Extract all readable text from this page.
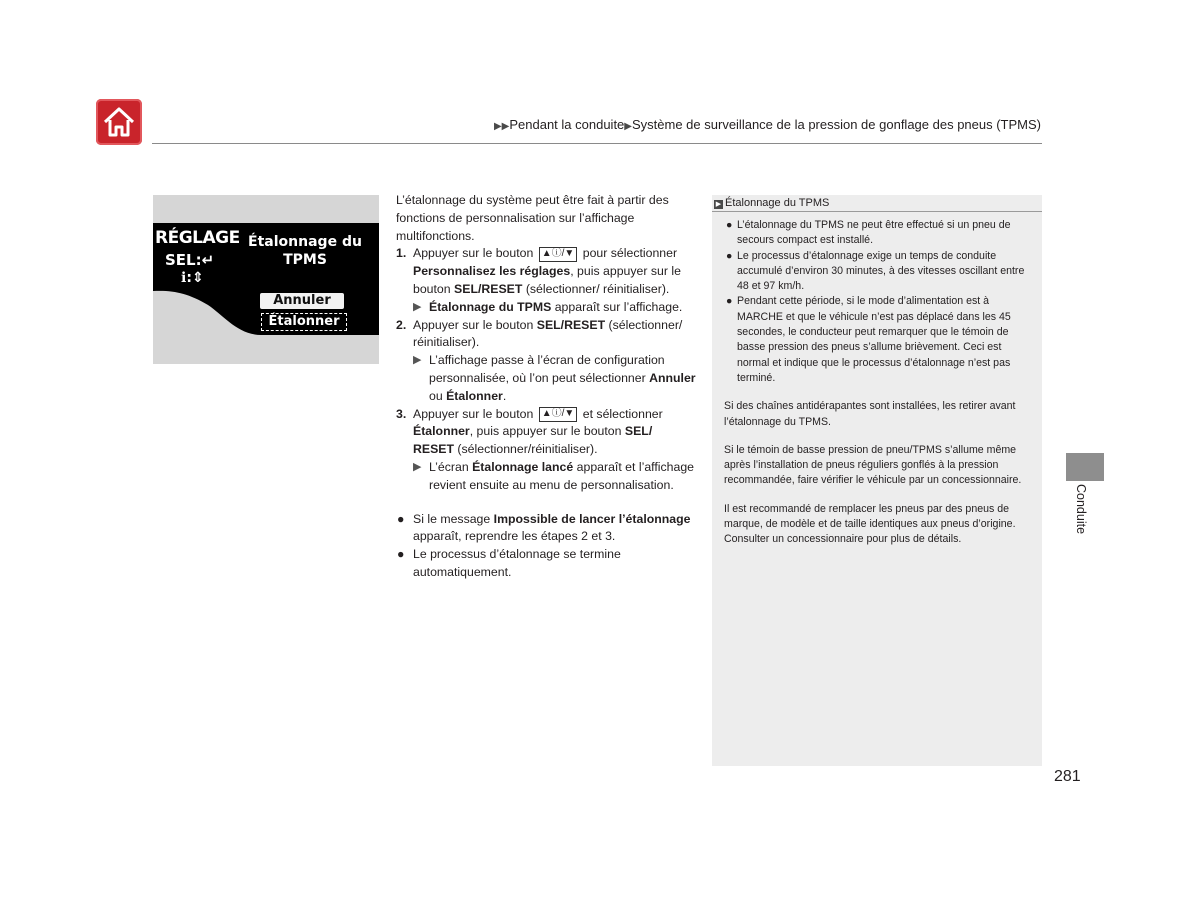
▶▶Pendant la conduite▶Système de surveillance de la pression de gonflage des pneus (TPMS)
RÉGLAGE
SEL:↵
ℹ:⇕
Étalonnage du
TPMS
Annuler
Étalonner

L’étalonnage du système peut être fait à partir des fonctions de personnalisation sur l’affichage multifonctions.

1. Appuyer sur le bouton ▲ⓘ/▼ pour sélectionner Personnalisez les réglages, puis appuyer sur le bouton SEL/RESET (sélectionner/ réinitialiser).
▶ Étalonnage du TPMS apparaît sur l’affichage.
2. Appuyer sur le bouton SEL/RESET (sélectionner/ réinitialiser).
▶ L’affichage passe à l’écran de configuration personnalisée, où l’on peut sélectionner Annuler ou Étalonner.
3. Appuyer sur le bouton ▲ⓘ/▼ et sélectionner Étalonner, puis appuyer sur le bouton SEL/ RESET (sélectionner/réinitialiser).
▶ L’écran Étalonnage lancé apparaît et l’affichage revient ensuite au menu de personnalisation.
● Si le message Impossible de lancer l’étalonnage apparaît, reprendre les étapes 2 et 3.
● Le processus d’étalonnage se termine automatiquement.
▶ Étalonnage du TPMS
● L’étalonnage du TPMS ne peut être effectué si un pneu de secours compact est installé.
● Le processus d’étalonnage exige un temps de conduite accumulé d’environ 30 minutes, à des vitesses oscillant entre 48 et 97 km/h.
● Pendant cette période, si le mode d’alimentation est à MARCHE et que le véhicule n’est pas déplacé dans les 45 secondes, le conducteur peut remarquer que le témoin de basse pression des pneus s’allume brièvement. Ceci est normal et indique que le processus d’étalonnage n’est pas terminé.
Si des chaînes antidérapantes sont installées, les retirer avant l’étalonnage du TPMS.
Si le témoin de basse pression de pneu/TPMS s’allume même après l’installation de pneus réguliers gonflés à la pression recommandée, faire vérifier le véhicule par un concessionnaire.
Il est recommandé de remplacer les pneus par des pneus de marque, de modèle et de taille identiques aux pneus d’origine. Consulter un concessionnaire pour plus de détails.
Conduite
281
